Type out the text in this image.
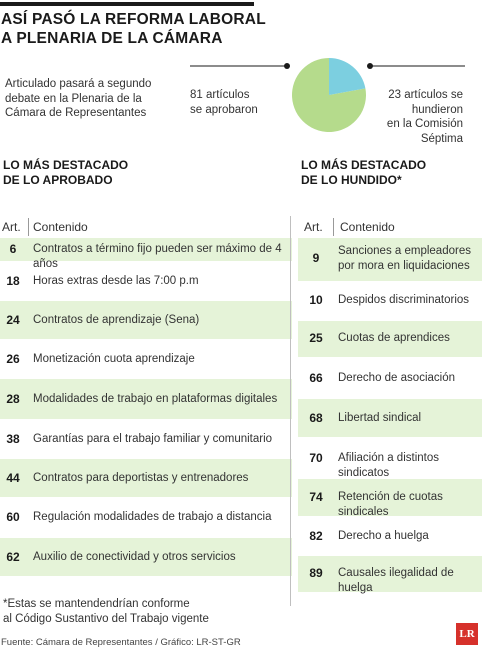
ASÍ PASÓ LA REFORMA LABORAL
A PLENARIA DE LA CÁMARA
Articulado pasará a segundo
debate en la Plenaria de la
Cámara de Representantes
81 artículos
se aprobaron
23 artículos se
hundieron
en la Comisión Séptima
LO MÁS DESTACADO
DE LO APROBADO
LO MÁS DESTACADO
DE LO HUNDIDO*
Art. Contenido
6	Contratos a término fijo pueden ser máximo de 4 años
18	Horas extras desde las 7:00 p.m
24	Contratos de aprendizaje (Sena)
26	Monetización cuota aprendizaje
28	Modalidades de trabajo en plataformas digitales
38	Garantías para el trabajo familiar y comunitario
44	Contratos para deportistas y entrenadores
60	Regulación modalidades de trabajo a distancia
62	Auxilio de conectividad y otros servicios
Art. Contenido
9	Sanciones a empleadores
por mora en liquidaciones
10	Despidos discriminatorios
25	Cuotas de aprendices
66	Derecho de asociación
68	Libertad sindical
70	Afiliación a distintos sindicatos
74	Retención de cuotas sindicales
82	Derecho a huelga
89	Causales ilegalidad de huelga
*Estas se mantendendrían conforme
al Código Sustantivo del Trabajo vigente
Fuente: Cámara de Representantes / Gráfico: LR-ST-GR
LR
